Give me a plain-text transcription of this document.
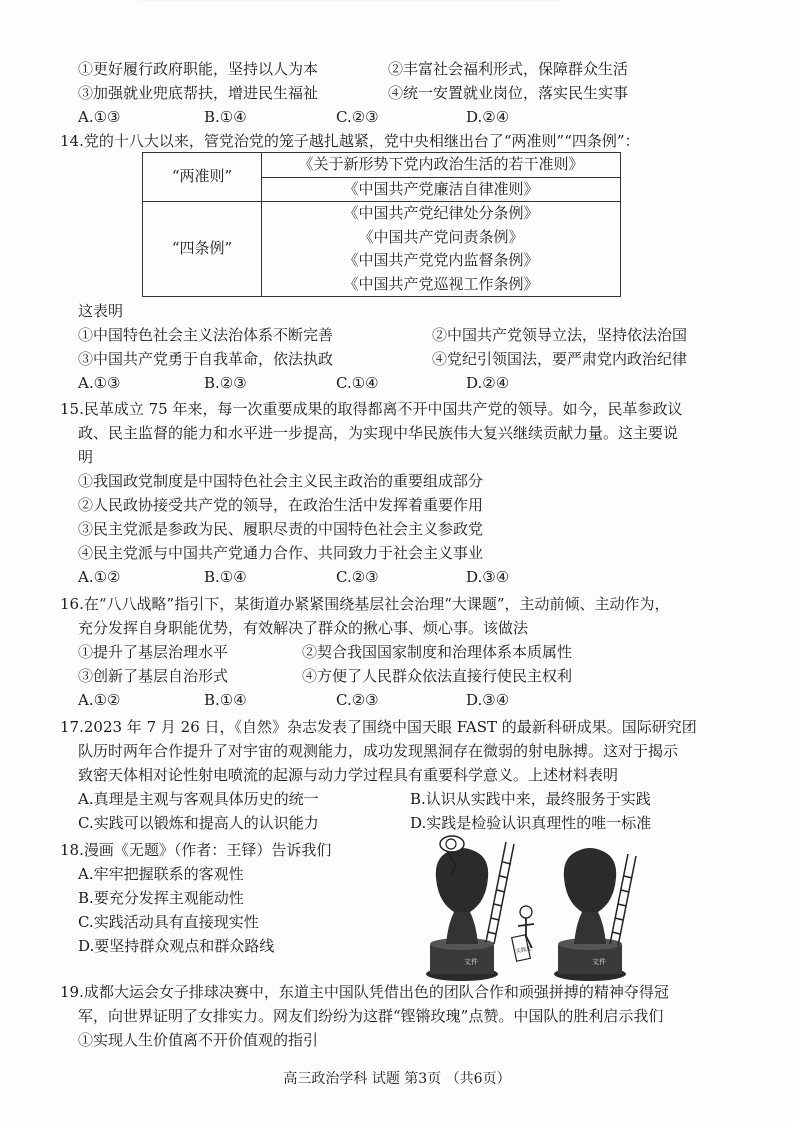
①更好履行政府职能，坚持以人为本	②丰富社会福利形式，保障群众生活
③加强就业兜底帮扶，增进民生福祉	④统一安置就业岗位，落实民生实事
A.①③	B.①④	C.②③	D.②④
14.党的十八大以来，管党治党的笼子越扎越紧，党中央相继出台了“两准则”“四条例”：
“两准则”	《关于新形势下党内政治生活的若干准则》
	《中国共产党廉洁自律准则》
“四条例”	《中国共产党纪律处分条例》
	《中国共产党问责条例》
	《中国共产党党内监督条例》
	《中国共产党巡视工作条例》
这表明
①中国特色社会主义法治体系不断完善	②中国共产党领导立法，坚持依法治国
③中国共产党勇于自我革命，依法执政	④党纪引领国法，要严肃党内政治纪律
A.①③	B.②③	C.①④	D.②④
15.民革成立 75 年来，每一次重要成果的取得都离不开中国共产党的领导。如今，民革参政议
政、民主监督的能力和水平进一步提高，为实现中华民族伟大复兴继续贡献力量。这主要说
明
①我国政党制度是中国特色社会主义民主政治的重要组成部分
②人民政协接受共产党的领导，在政治生活中发挥着重要作用
③民主党派是参政为民、履职尽责的中国特色社会主义参政党
④民主党派与中国共产党通力合作、共同致力于社会主义事业
A.①②	B.①④	C.②③	D.③④
16.在“八八战略”指引下，某街道办紧紧围绕基层社会治理“大课题”，主动前倾、主动作为，
充分发挥自身职能优势，有效解决了群众的揪心事、烦心事。该做法
①提升了基层治理水平	②契合我国国家制度和治理体系本质属性
③创新了基层自治形式	④方便了人民群众依法直接行使民主权利
A.①②	B.①④	C.②③	D.③④
17.2023 年 7 月 26 日，《自然》杂志发表了围绕中国天眼 FAST 的最新科研成果。国际研究团
队历时两年合作提升了对宇宙的观测能力，成功发现黑洞存在微弱的射电脉搏。这对于揭示
致密天体相对论性射电喷流的起源与动力学过程具有重要科学意义。上述材料表明
A.真理是主观与客观具体历史的统一	B.认识从实践中来，最终服务于实践
C.实践可以锻炼和提高人的认识能力	D.实践是检验认识真理性的唯一标准
18.漫画《无题》（作者：王铎）告诉我们
A.牢牢把握联系的客观性
B.要充分发挥主观能动性
C.实践活动具有直接现实性
D.要坚持群众观点和群众路线
文件	文件
实践论
19.成都大运会女子排球决赛中，东道主中国队凭借出色的团队合作和顽强拼搏的精神夺得冠
军，向世界证明了女排实力。网友们纷纷为这群“铿锵玫瑰”点赞。中国队的胜利启示我们
①实现人生价值离不开价值观的指引
高三政治学科 试题 第3页 （共6页）
